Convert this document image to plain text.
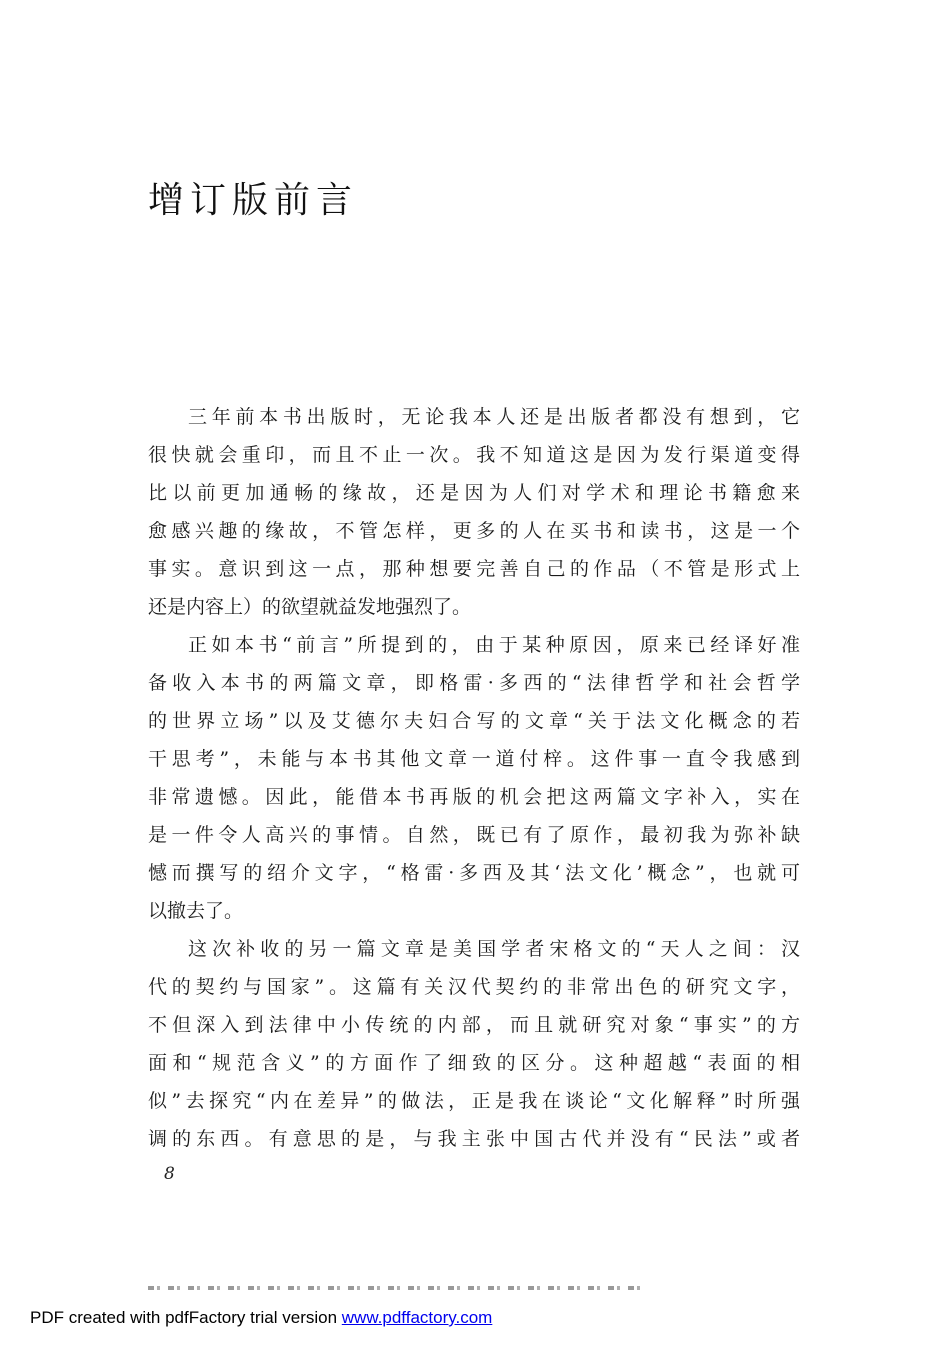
增订版前言
三年前本书出版时，无论我本人还是出版者都没有想到，它
很快就会重印，而且不止一次。我不知道这是因为发行渠道变得
比以前更加通畅的缘故，还是因为人们对学术和理论书籍愈来
愈感兴趣的缘故，不管怎样，更多的人在买书和读书，这是一个
事实。意识到这一点，那种想要完善自己的作品（不管是形式上
还是内容上）的欲望就益发地强烈了。
正如本书“前言”所提到的，由于某种原因，原来已经译好准
备收入本书的两篇文章，即格雷·多西的“法律哲学和社会哲学
的世界立场”以及艾德尔夫妇合写的文章“关于法文化概念的若
干思考”，未能与本书其他文章一道付梓。这件事一直令我感到
非常遗憾。因此，能借本书再版的机会把这两篇文字补入，实在
是一件令人高兴的事情。自然，既已有了原作，最初我为弥补缺
憾而撰写的绍介文字，“格雷·多西及其‘法文化’概念”，也就可
以撤去了。
这次补收的另一篇文章是美国学者宋格文的“天人之间：汉
代的契约与国家”。这篇有关汉代契约的非常出色的研究文字，
不但深入到法律中小传统的内部，而且就研究对象“事实”的方
面和“规范含义”的方面作了细致的区分。这种超越“表面的相
似”去探究“内在差异”的做法，正是我在谈论“文化解释”时所强
调的东西。有意思的是，与我主张中国古代并没有“民法”或者
8
PDF created with pdfFactory trial version www.pdffactory.com
